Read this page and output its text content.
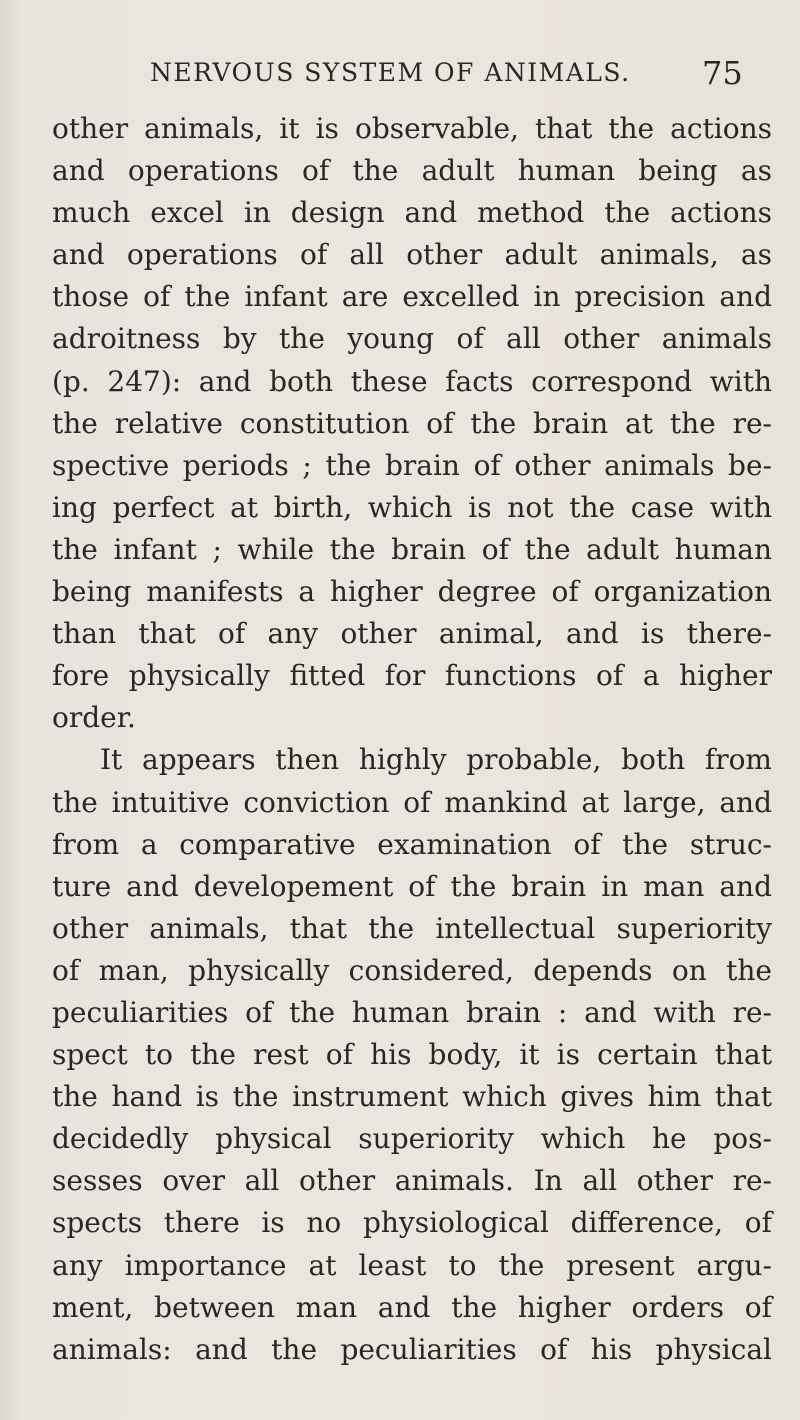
NERVOUS SYSTEM OF ANIMALS. 75
other animals, it is observable, that the actions
and operations of the adult human being as
much excel in design and method the actions
and operations of all other adult animals, as
those of the infant are excelled in precision and
adroitness by the young of all other animals
(p. 247): and both these facts correspond with
the relative constitution of the brain at the re-
spective periods ; the brain of other animals be-
ing perfect at birth, which is not the case with
the infant ; while the brain of the adult human
being manifests a higher degree of organization
than that of any other animal, and is there-
fore physically fitted for functions of a higher
order.
It appears then highly probable, both from
the intuitive conviction of mankind at large, and
from a comparative examination of the struc-
ture and developement of the brain in man and
other animals, that the intellectual superiority
of man, physically considered, depends on the
peculiarities of the human brain : and with re-
spect to the rest of his body, it is certain that
the hand is the instrument which gives him that
decidedly physical superiority which he pos-
sesses over all other animals. In all other re-
spects there is no physiological difference, of
any importance at least to the present argu-
ment, between man and the higher orders of
animals: and the peculiarities of his physical
